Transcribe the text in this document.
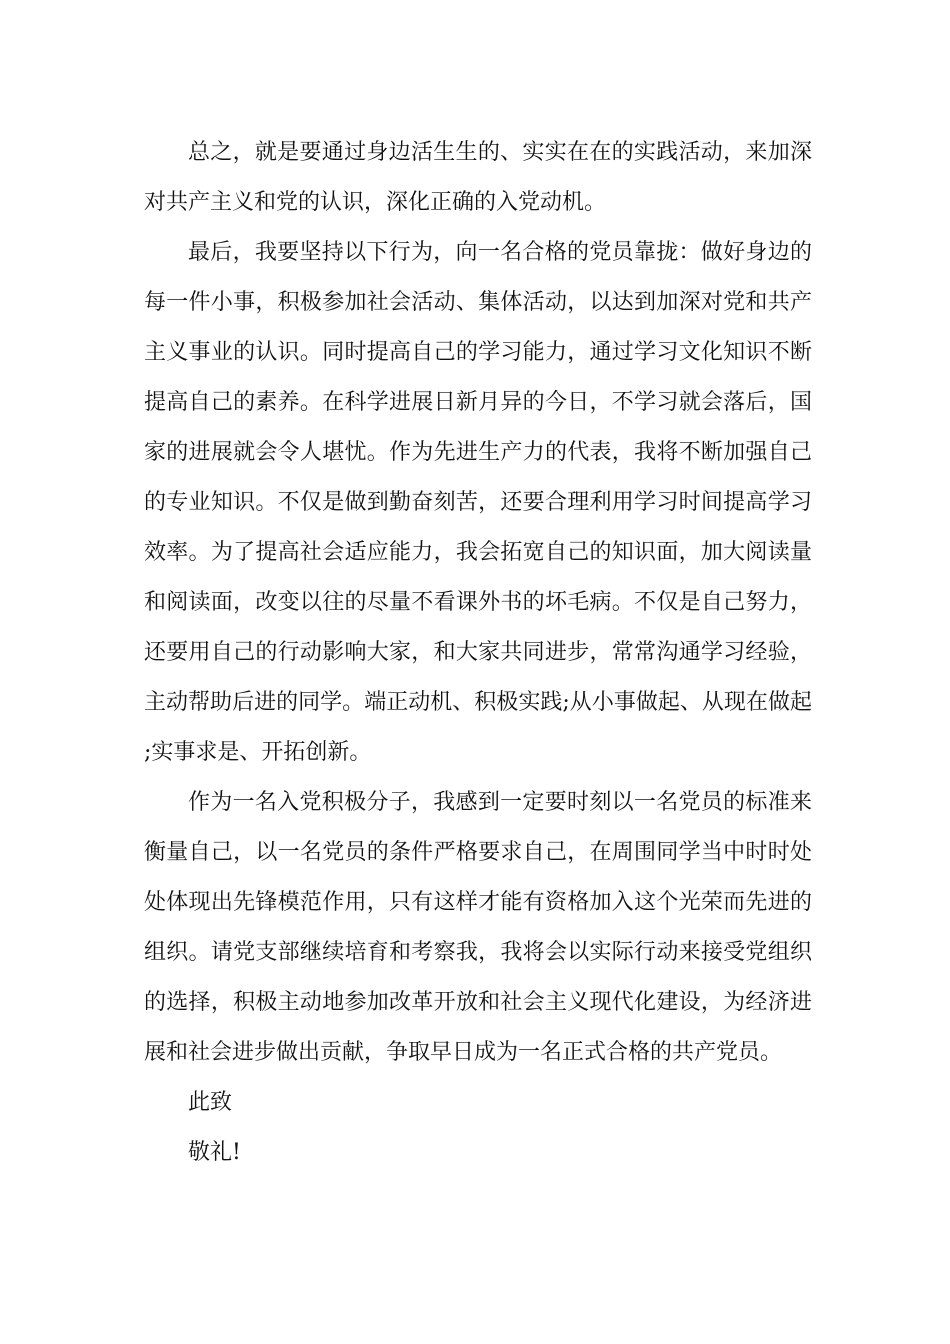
总之，就是要通过身边活生生的、实实在在的实践活动，来加深对共产主义和党的认识，深化正确的入党动机。

最后，我要坚持以下行为，向一名合格的党员靠拢：做好身边的每一件小事，积极参加社会活动、集体活动，以达到加深对党和共产主义事业的认识。同时提高自己的学习能力，通过学习文化知识不断提高自己的素养。在科学进展日新月异的今日，不学习就会落后，国家的进展就会令人堪忧。作为先进生产力的代表，我将不断加强自己的专业知识。不仅是做到勤奋刻苦，还要合理利用学习时间提高学习效率。为了提高社会适应能力，我会拓宽自己的知识面，加大阅读量和阅读面，改变以往的尽量不看课外书的坏毛病。不仅是自己努力，还要用自己的行动影响大家，和大家共同进步，常常沟通学习经验，主动帮助后进的同学。端正动机、积极实践;从小事做起、从现在做起;实事求是、开拓创新。

作为一名入党积极分子，我感到一定要时刻以一名党员的标准来衡量自己，以一名党员的条件严格要求自己，在周围同学当中时时处处体现出先锋模范作用，只有这样才能有资格加入这个光荣而先进的组织。请党支部继续培育和考察我，我将会以实际行动来接受党组织的选择，积极主动地参加改革开放和社会主义现代化建设，为经济进展和社会进步做出贡献，争取早日成为一名正式合格的共产党员。

此致

敬礼!
